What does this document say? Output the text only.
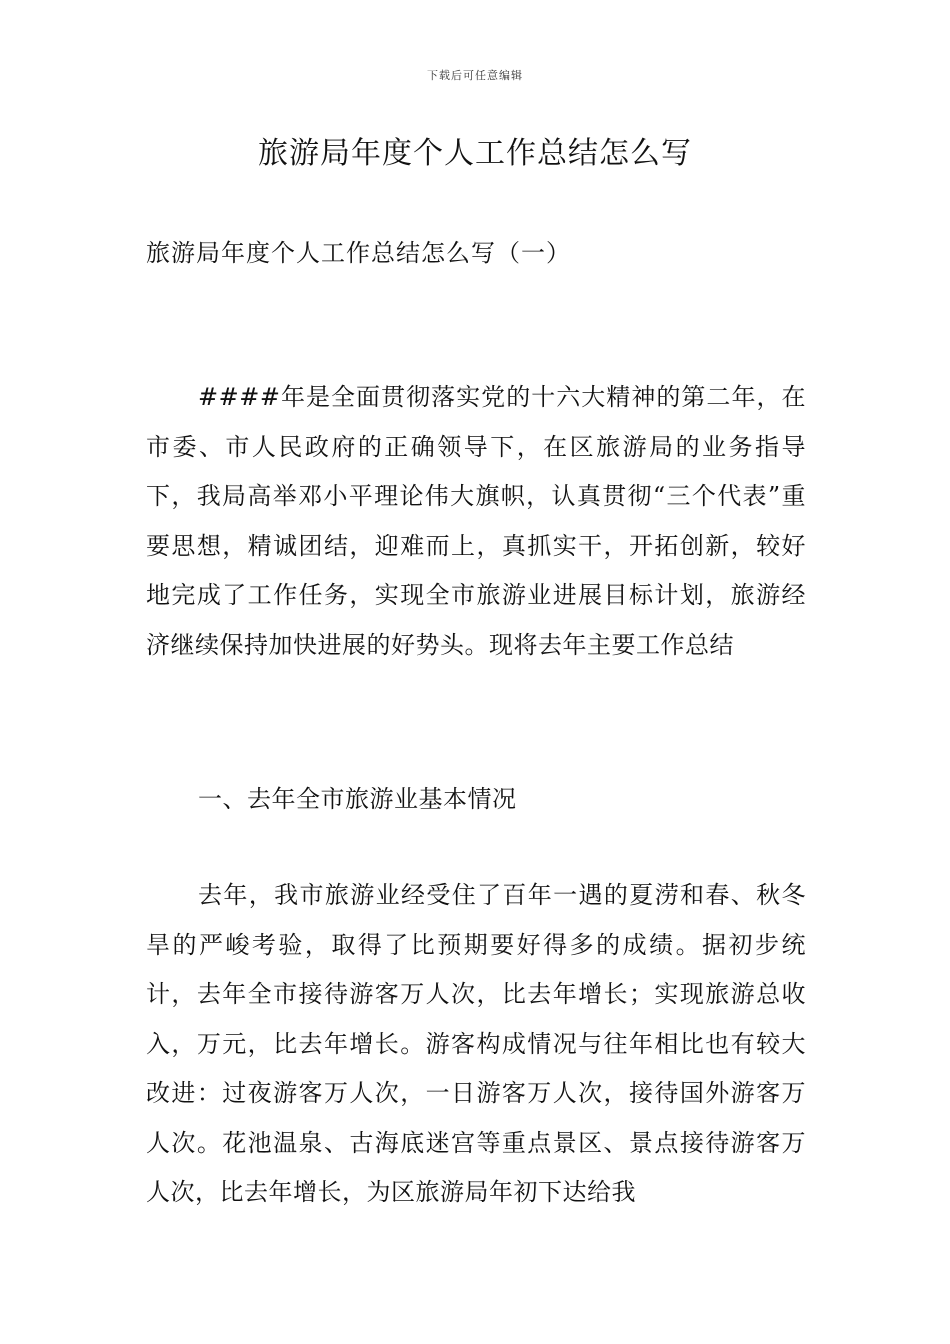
下载后可任意编辑
旅游局年度个人工作总结怎么写

旅游局年度个人工作总结怎么写（一）

####年是全面贯彻落实党的十六大精神的第二年，在市委、市人民政府的正确领导下，在区旅游局的业务指导下，我局高举邓小平理论伟大旗帜，认真贯彻“三个代表”重要思想，精诚团结，迎难而上，真抓实干，开拓创新，较好地完成了工作任务，实现全市旅游业进展目标计划，旅游经济继续保持加快进展的好势头。现将去年主要工作总结

一、去年全市旅游业基本情况

去年，我市旅游业经受住了百年一遇的夏涝和春、秋冬旱的严峻考验，取得了比预期要好得多的成绩。据初步统计，去年全市接待游客万人次，比去年增长；实现旅游总收入，万元，比去年增长。游客构成情况与往年相比也有较大改进：过夜游客万人次，一日游客万人次，接待国外游客万人次。花池温泉、古海底迷宫等重点景区、景点接待游客万人次，比去年增长，为区旅游局年初下达给我
